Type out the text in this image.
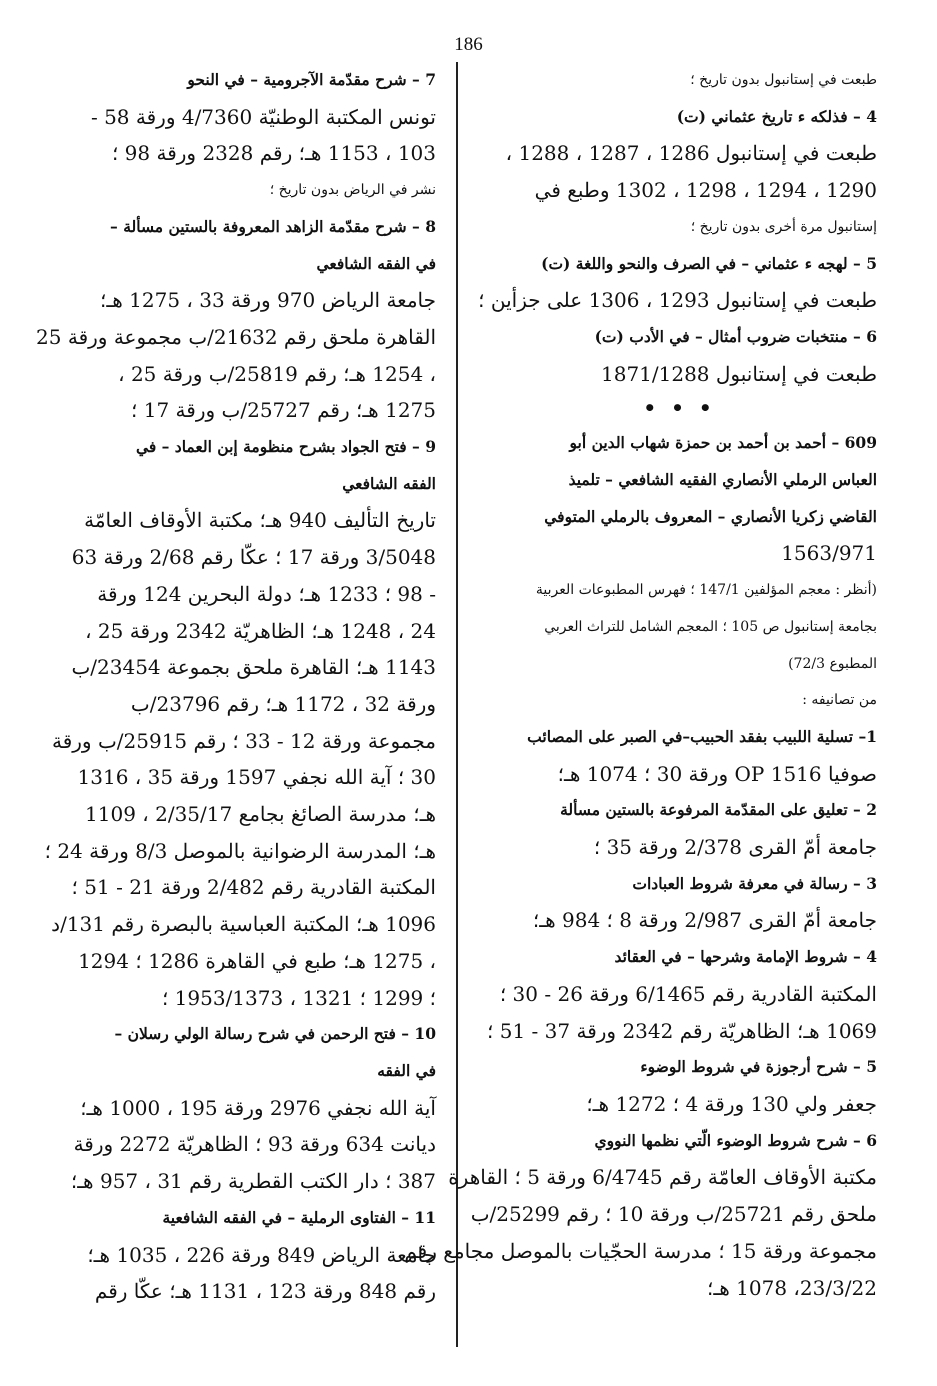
186
طبعت في إستانبول بدون تاريخ ؛
4 – فذلكه ء تاريخ عثماني (ت)
طبعت في إستانبول 1286 ، 1287 ، 1288 ،
1290 ، 1294 ، 1298 ، 1302 وطبع في
إستانبول مرة أخرى بدون تاريخ ؛
5 – لهجه ء عثماني – في الصرف والنحو واللغة (ت)
طبعت في إستانبول 1293 ، 1306 على جزأين ؛
6 – منتخبات ضروب أمثال – في الأدب (ت)
طبعت في إستانبول 1871/1288
• • •
609 – أحمد بن أحمد بن حمزة شهاب الدين أبو
العباس الرملي الأنصاري الفقيه الشافعي – تلميذ
القاضي زكريا الأنصاري – المعروف بالرملي المتوفي
1563/971
(أنظر : معجم المؤلفين 147/1 ؛ فهرس المطبوعات العربية
بجامعة إستانبول ص 105 ؛ المعجم الشامل للتراث العربي
المطبوع 72/3)
من تصانيفه :
1– تسلية اللبيب بفقد الحبيب–في الصبر على المصائب
صوفيا 1516 OP ورقة 30 ؛ 1074 هـ؛
2 – تعليق على المقدّمة المرفوعة بالستين مسألة
جامعة أمّ القرى 2/378 ورقة 35 ؛
3 – رسالة في معرفة شروط العبادات
جامعة أمّ القرى 2/987 ورقة 8 ؛ 984 هـ؛
4 – شروط الإمامة وشرحها – في العقائد
المكتبة القادرية رقم 6/1465 ورقة 26 - 30 ؛
1069 هـ؛ الظاهريّة رقم 2342 ورقة 37 - 51 ؛
5 – شرح أرجوزة في شروط الوضوء
جعفر ولي 130 ورقة 4 ؛ 1272 هـ؛
6 – شرح شروط الوضوء الّتي نظمها النووي
مكتبة الأوقاف العامّة رقم 6/4745 ورقة 5 ؛ القاهرة
ملحق رقم 25721/ب ورقة 10 ؛ رقم 25299/ب
مجموعة ورقة 15 ؛ مدرسة الحجّيات بالموصل مجامع رقم
23/3/22، 1078 هـ؛
7 – شرح مقدّمة الآجرومية – في النحو
تونس المكتبة الوطنيّة 4/7360 ورقة 58 -
103 ، 1153 هـ؛ رقم 2328 ورقة 98 ؛
نشر في الرياض بدون تاريخ ؛
8 – شرح مقدّمة الزاهد المعروفة بالستين مسألة –
في الفقه الشافعي
جامعة الرياض 970 ورقة 33 ، 1275 هـ؛
القاهرة ملحق رقم 21632/ب مجموعة ورقة 25
، 1254 هـ؛ رقم 25819/ب ورقة 25 ،
1275 هـ؛ رقم 25727/ب ورقة 17 ؛
9 – فتح الجواد بشرح منظومة إبن العماد – في
الفقه الشافعي
تاريخ التأليف 940 هـ؛ مكتبة الأوقاف العامّة
3/5048 ورقة 17 ؛ عكّا رقم 2/68 ورقة 63
- 98 ؛ 1233 هـ؛ دولة البحرين 124 ورقة
24 ، 1248 هـ؛ الظاهريّة 2342 ورقة 25 ،
1143 هـ؛ القاهرة ملحق بجموعة 23454/ب
ورقة 32 ، 1172 هـ؛ رقم 23796/ب
مجموعة ورقة 12 - 33 ؛ رقم 25915/ب ورقة
30 ؛ آية الله نجفي 1597 ورقة 35 ، 1316
هـ؛ مدرسة الصائغ بجامع 2/35/17 ، 1109
هـ؛ المدرسة الرضوانية بالموصل 8/3 ورقة 24 ؛
المكتبة القادرية رقم 2/482 ورقة 21 - 51 ؛
1096 هـ؛ المكتبة العباسية بالبصرة رقم 131/د
، 1275 هـ؛ طبع في القاهرة 1286 ؛ 1294
؛ 1299 ؛ 1321 ، 1953/1373 ؛
10 – فتح الرحمن في شرح رسالة الولي رسلان –
في الفقه
آية الله نجفي 2976 ورقة 195 ، 1000 هـ؛
ديانت 634 ورقة 93 ؛ الظاهريّة 2272 ورقة
387 ؛ دار الكتب القطرية رقم 31 ، 957 هـ؛
11 – الفتاوى الرملية – في الفقه الشافعية
جامعة الرياض 849 ورقة 226 ، 1035 هـ؛
رقم 848 ورقة 123 ، 1131 هـ؛ عكّا رقم
